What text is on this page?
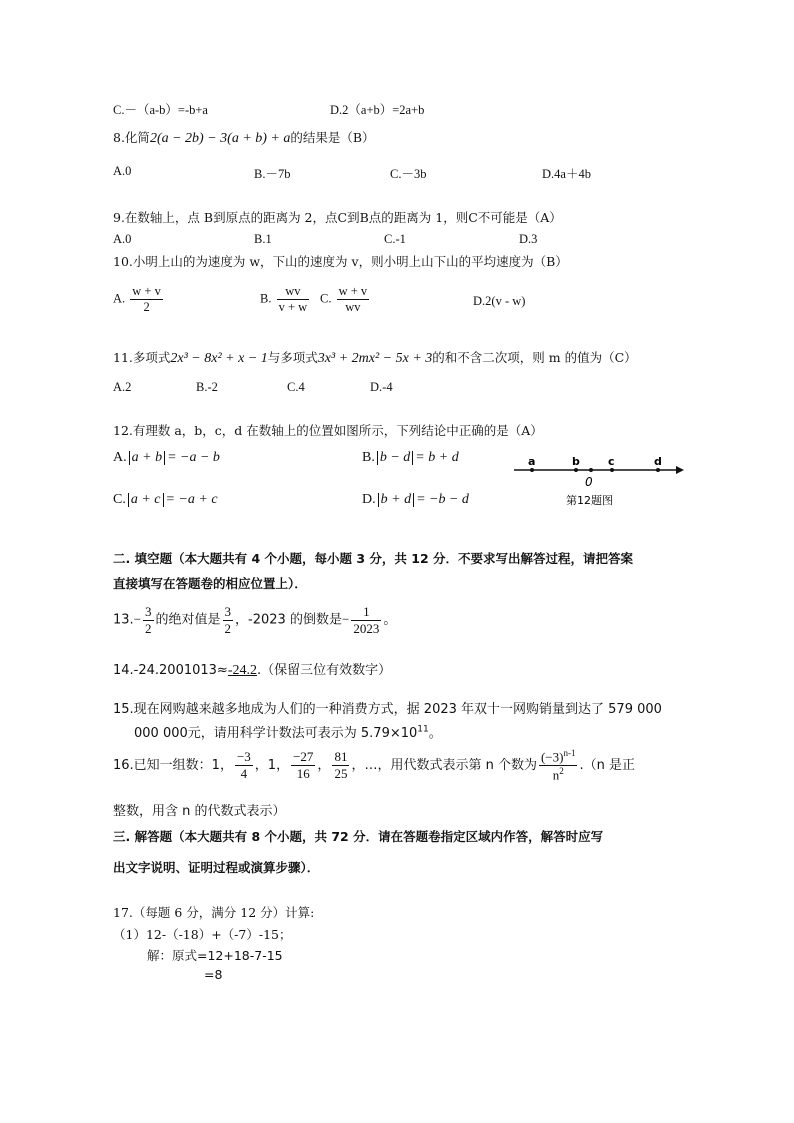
C.－（a-b）=-b+a	D.2（a+b）=2a+b
8.化简2(a − 2b) − 3(a + b) + a的结果是（B）
A.0	B.－7b	C.－3b	D.4a＋4b
9.在数轴上，点 B到原点的距离为 2，点C到B点的距离为 1，则C不可能是（A）
A.0	B.1	C.-1	D.3
10.小明上山的为速度为 w，下山的速度为 v，则小明上山下山的平均速度为（B）
A. $\frac{w + v}{2}$	B. $\frac{wv}{v + w} C$. $\frac{w + v}{wv}$	D.2(v - w)
11.多项式2x³ − 8x² + x − 1与多项式3x³ + 2mx² − 5x + 3的和不含二次项，则 m 的值为（C）
A.2	B.-2	C.4	D.-4
12.有理数 a，b，c，d 在数轴上的位置如图所示，下列结论中正确的是（A）
A. a + b = −a − b	B. b − d = b + d
C. a + c = −a + c	D. b + d = −b − d
a	b	c	d
0
第12题图
二. 填空题（本大题共有 4 个小题，每小题 3 分，共 12 分．不要求写出解答过程，请把答案
直接填写在答题卷的相应位置上）．
$13.- \frac{3}{2}$ 的绝对值是 $\frac{3}{2}$ ，-2023 的倒数是− $\frac{1}{2023}$ 。
14.-24.2001013≈-24.2.（保留三位有效数字）
15.现在网购越来越多地成为人们的一种消费方式，据 2023 年双十一网购销量到达了 579 000
000 000元，请用科学计数法可表示为 $5.79\times 10^{11}$。
16.已知一组数：1， $\frac{-3}{4}$ ，1， $\frac{-27}{16}$ ， $\frac{81}{25}$ ，…，用代数式表示第 n 个数为 $\frac{(-3)^{n-1}}{n^2} .(n$ 是正
整数，用含 n 的代数式表示）
三. 解答题（本大题共有 8 个小题，共 72 分．请在答题卷指定区域内作答，解答时应写
出文字说明、证明过程或演算步骤）．
17.（每题 6 分，满分 12 分）计算:
（1）12-（-18）+（-7）-15；
解：原式=12+18-7-15
=8
